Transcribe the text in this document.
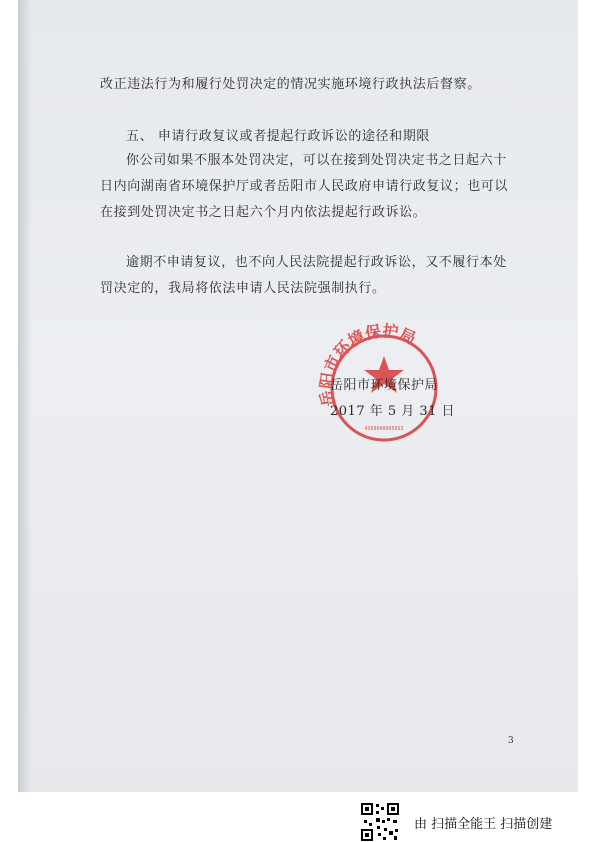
改正违法行为和履行处罚决定的情况实施环境行政执法后督察。

五、 申请行政复议或者提起行政诉讼的途径和期限

你公司如果不服本处罚决定，可以在接到处罚决定书之日起六十日内向湖南省环境保护厅或者岳阳市人民政府申请行政复议；也可以在接到处罚决定书之日起六个月内依法提起行政诉讼。

逾期不申请复议，也不向人民法院提起行政诉讼，又不履行本处罚决定的，我局将依法申请人民法院强制执行。

岳阳市环境保护局
4309000005893
岳阳市环境保护局
2017 年 5 月 31 日
3
由 扫描全能王 扫描创建
